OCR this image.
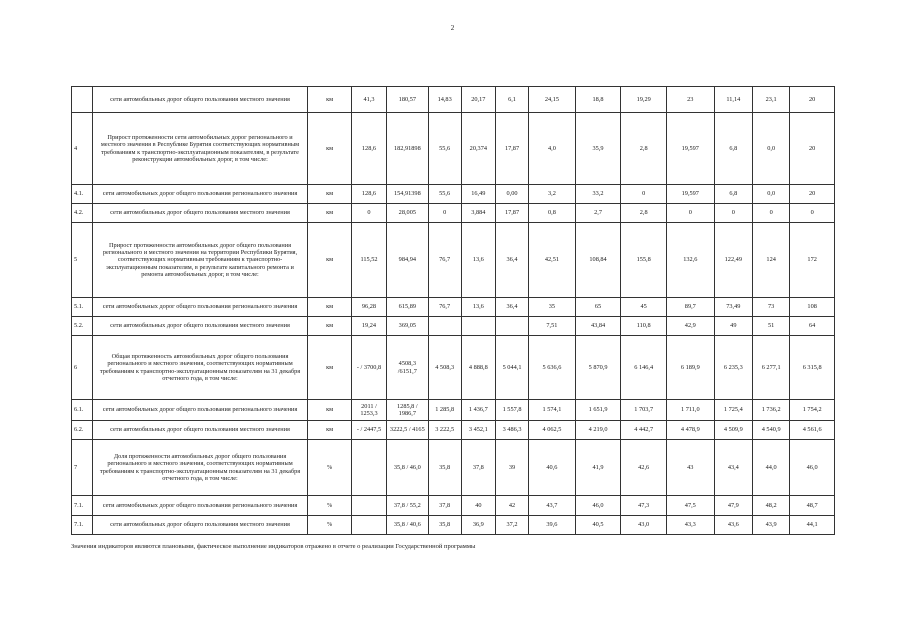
2
	сети автомобильных дорог общего пользования местного значения	км	41,3	180,57	14,83	20,17	6,1	24,15	18,8	19,29	23	11,14	23,1	20
4	Прирост протяженности сети автомобильных дорог регионального и местного значения в Республике Бурятия соответствующих нормативным требованиям к транспортно-эксплуатационным показателям, в результате реконструкции автомобильных дорог, в том числе:	км	128,6	182,91898	55,6	20,374	17,87	4,0	35,9	2,8	19,597	6,8	0,0	20
4.1.	сети автомобильных дорог общего пользования регионального значения	км	128,6	154,91398	55,6	16,49	0,00	3,2	33,2	0	19,597	6,8	0,0	20
4.2.	сети автомобильных дорог общего пользования местного значения	км	0	28,005	0	3,884	17,87	0,8	2,7	2,8	0	0	0	0
5	Прирост протяженности автомобильных дорог общего пользования регионального и местного значения на территории Республики Бурятия, соответствующих нормативным требованиям к транспортно-эксплуатационным показателям, в результате капитального ремонта и ремонта автомобильных дорог, в том числе:	км	115,52	984,94	76,7	13,6	36,4	42,51	108,84	155,8	132,6	122,49	124	172
5.1.	сети автомобильных дорог общего пользования регионального значения	км	96,28	615,89	76,7	13,6	36,4	35	65	45	89,7	73,49	73	108
5.2.	сети автомобильных дорог общего пользования местного значения	км	19,24	369,05				7,51	43,84	110,8	42,9	49	51	64
6	Общая протяженность автомобильных дорог общего пользования регионального и местного значения, соответствующих нормативным требованиям к транспортно-эксплуатационным показателям на 31 декабря отчетного года, в том числе:	км	- / 3700,8	4508,3 /6151,7	4 508,3	4 888,8	5 044,1	5 636,6	5 870,9	6 146,4	6 189,9	6 235,3	6 277,1	6 315,8
6.1.	сети автомобильных дорог общего пользования регионального значения	км	2011 / 1253,3	1285,8 / 1986,7	1 285,8	1 436,7	1 557,8	1 574,1	1 651,9	1 703,7	1 711,0	1 725,4	1 736,2	1 754,2
6.2.	сети автомобильных дорог общего пользования местного значения	км	- / 2447,5	3222,5 / 4165	3 222,5	3 452,1	3 486,3	4 062,5	4 219,0	4 442,7	4 478,9	4 509,9	4 540,9	4 561,6
7	Доля протяженности автомобильных дорог общего пользования регионального и местного значения, соответствующих нормативным требованиям к транспортно-эксплуатационным показателям на 31 декабря отчетного года, в том числе:	%		35,8 / 46,0	35,8	37,8	39	40,6	41,9	42,6	43	43,4	44,0	46,0
7.1.	сети автомобильных дорог общего пользования регионального значения	%		37,8 / 55,2	37,8	40	42	43,7	46,0	47,3	47,5	47,9	48,2	48,7
7.1.	сети автомобильных дорог общего пользования местного значения	%		35,8 / 40,6	35,8	36,9	37,2	39,6	40,5	43,0	43,3	43,6	43,9	44,1
Значения индикаторов являются плановыми, фактическое выполнение индикаторов отражено в отчете о реализации Государственной программы
